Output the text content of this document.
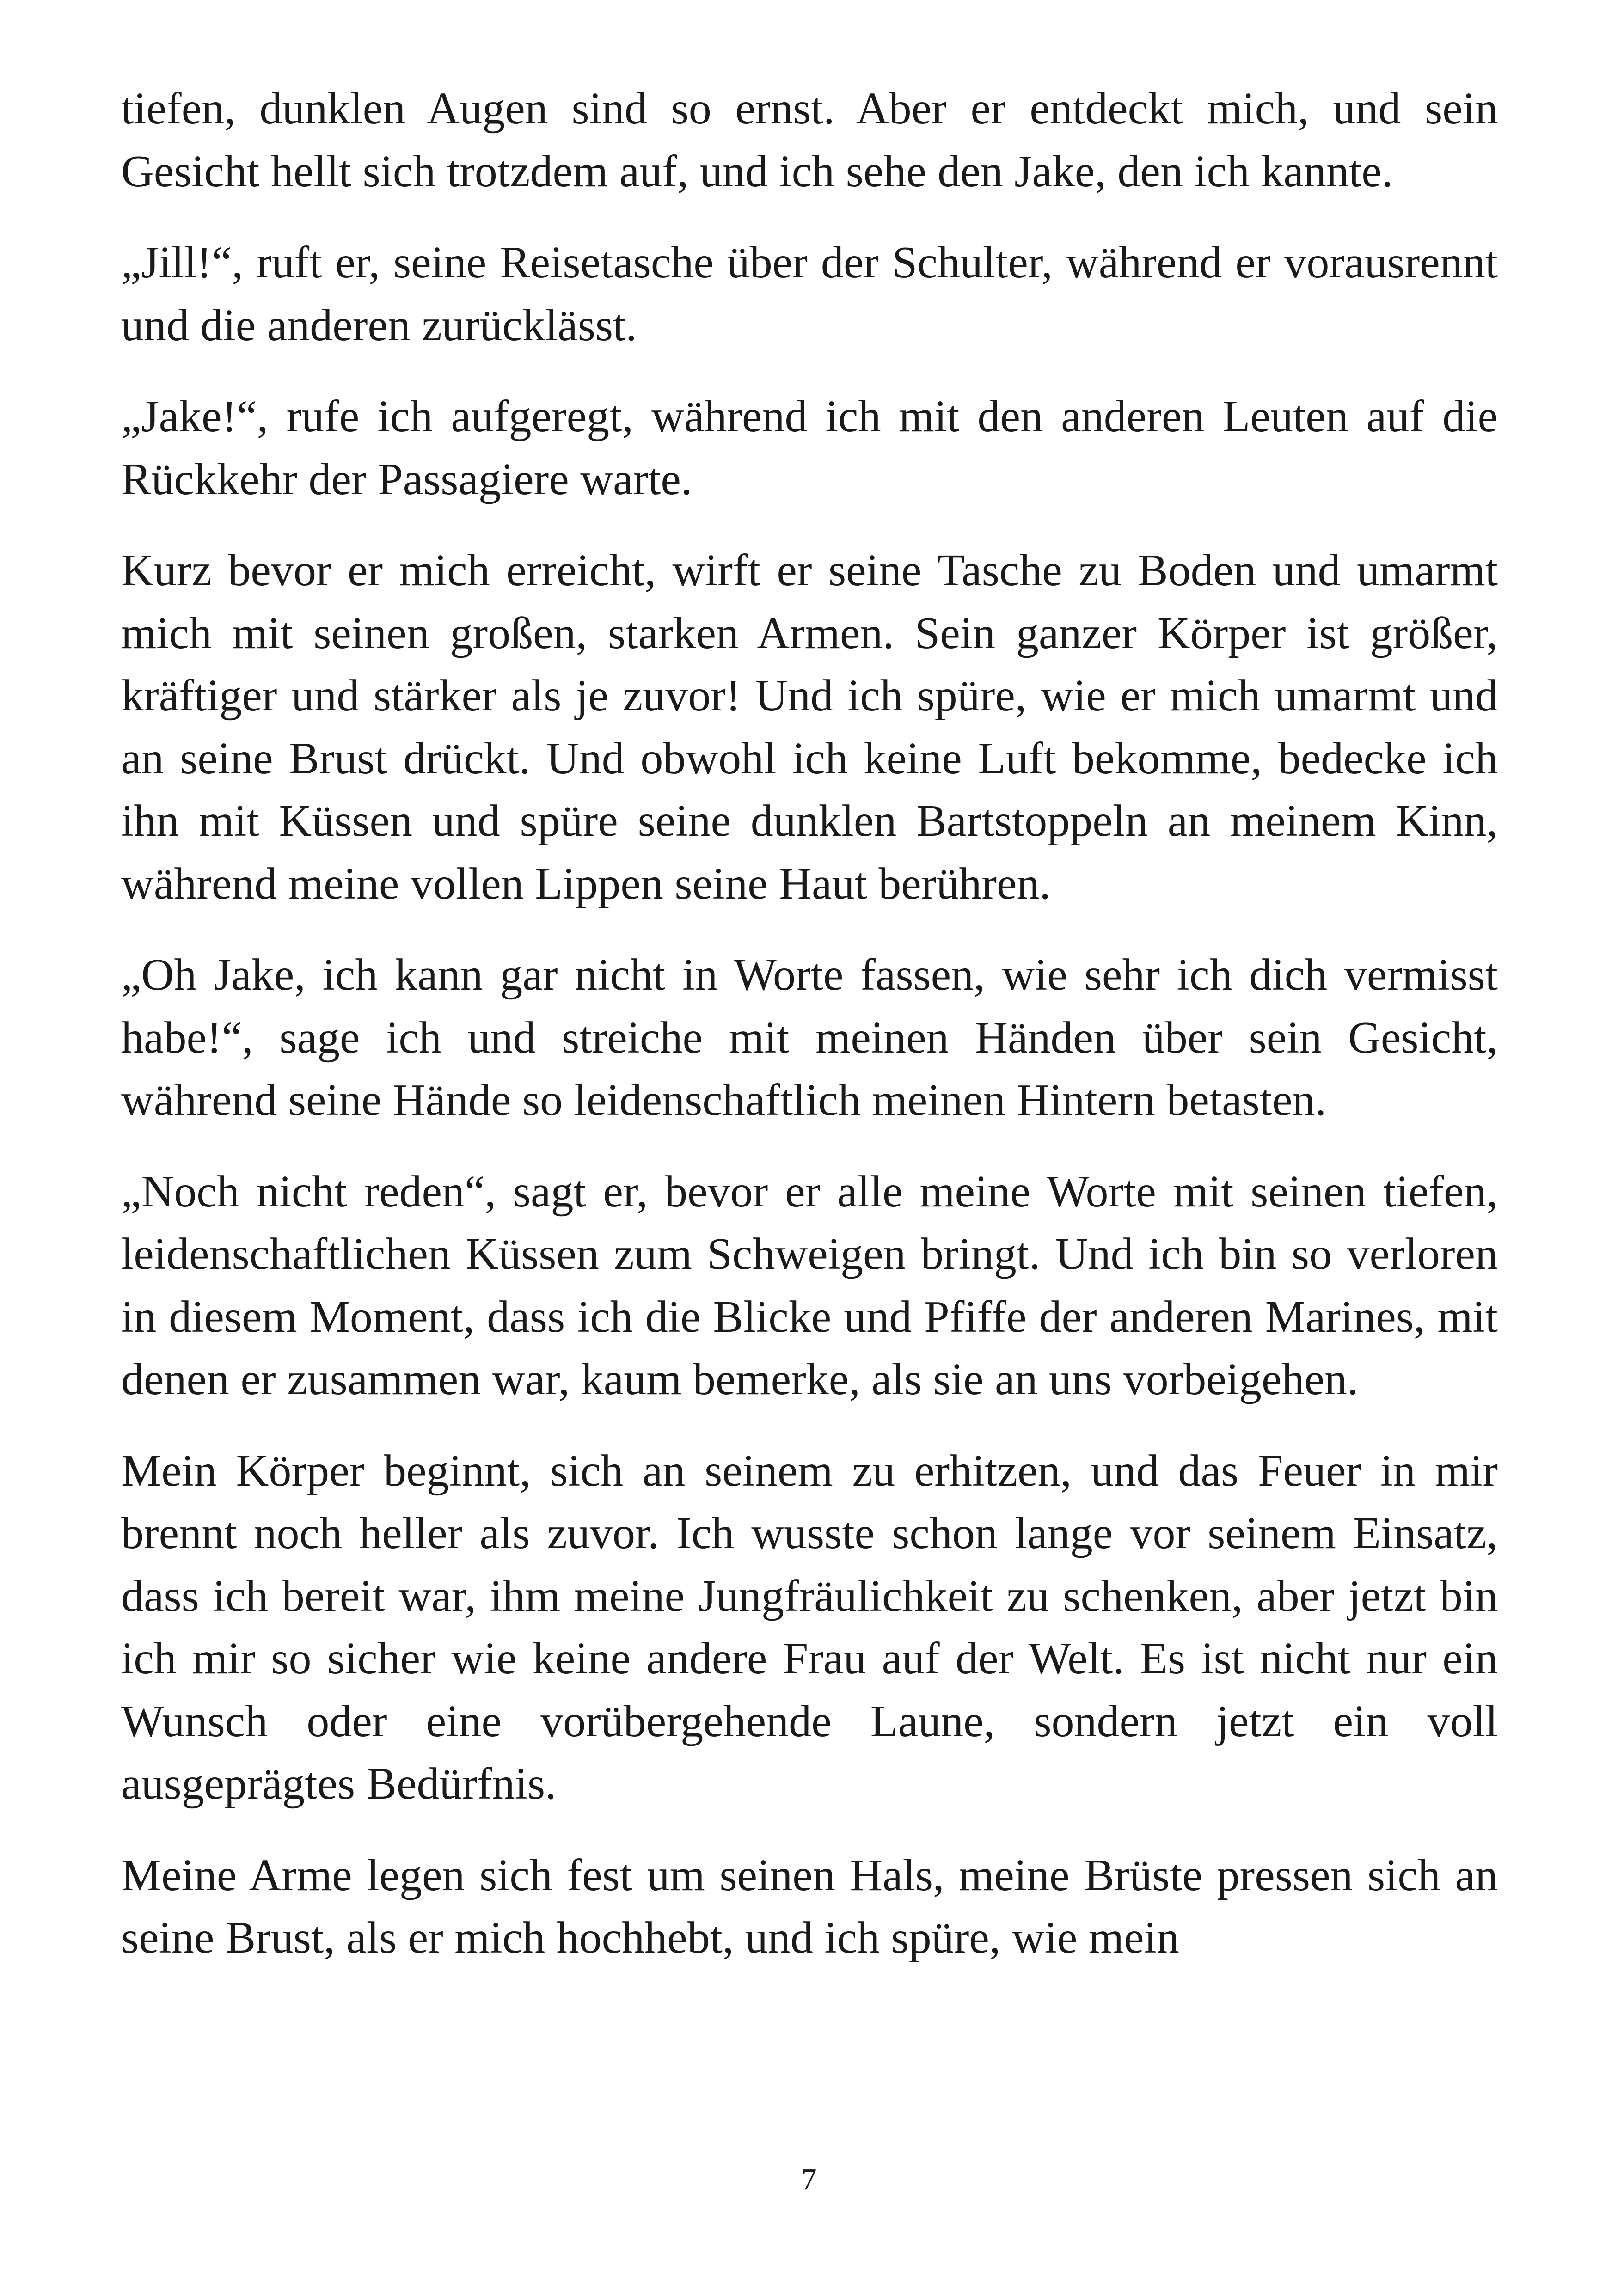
tiefen, dunklen Augen sind so ernst. Aber er entdeckt mich, und sein Gesicht hellt sich trotzdem auf, und ich sehe den Jake, den ich kannte.

„Jill!“, ruft er, seine Reisetasche über der Schulter, während er vorausrennt und die anderen zurücklässt.

„Jake!“, rufe ich aufgeregt, während ich mit den anderen Leuten auf die Rückkehr der Passagiere warte.

Kurz bevor er mich erreicht, wirft er seine Tasche zu Boden und umarmt mich mit seinen großen, starken Armen. Sein ganzer Körper ist größer, kräftiger und stärker als je zuvor! Und ich spüre, wie er mich umarmt und an seine Brust drückt. Und obwohl ich keine Luft bekomme, bedecke ich ihn mit Küssen und spüre seine dunklen Bartstoppeln an meinem Kinn, während meine vollen Lippen seine Haut berühren.

„Oh Jake, ich kann gar nicht in Worte fassen, wie sehr ich dich vermisst habe!“, sage ich und streiche mit meinen Händen über sein Gesicht, während seine Hände so leidenschaftlich meinen Hintern betasten.

„Noch nicht reden“, sagt er, bevor er alle meine Worte mit seinen tiefen, leidenschaftlichen Küssen zum Schweigen bringt. Und ich bin so verloren in diesem Moment, dass ich die Blicke und Pfiffe der anderen Marines, mit denen er zusammen war, kaum bemerke, als sie an uns vorbeigehen.

Mein Körper beginnt, sich an seinem zu erhitzen, und das Feuer in mir brennt noch heller als zuvor. Ich wusste schon lange vor seinem Einsatz, dass ich bereit war, ihm meine Jungfräulichkeit zu schenken, aber jetzt bin ich mir so sicher wie keine andere Frau auf der Welt. Es ist nicht nur ein Wunsch oder eine vorübergehende Laune, sondern jetzt ein voll ausgeprägtes Bedürfnis.

Meine Arme legen sich fest um seinen Hals, meine Brüste pressen sich an seine Brust, als er mich hochhebt, und ich spüre, wie mein

7
